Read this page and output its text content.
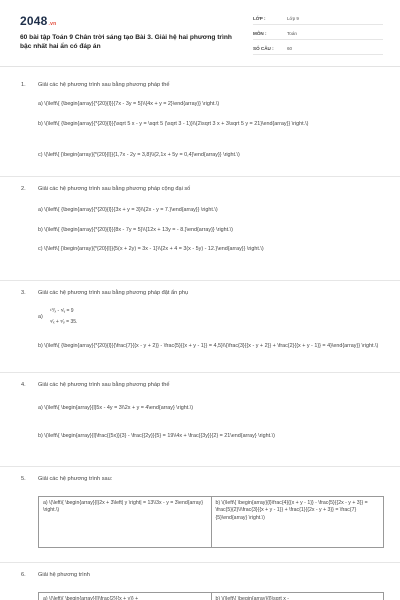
2048.vn
60 bài tập Toán 9 Chân trời sáng tạo Bài 3. Giải hệ hai phương trình bậc nhất hai ẩn có đáp án
LỚP :	Lớp 9
MÔN :	Toán
SỐ CÂU :	60
1. Giải các hệ phương trình sau bằng phương pháp thế
a) \(\left\{ {\begin{array}{*{20}{l}}{7x - 3y = 5}\\{4x + y = 2}\end{array}} \right.\)
b) \(\left\{ {\begin{array}{*{20}{l}}{\sqrt 5 x - y = \sqrt 5 (\sqrt 3 - 1)}\\{2\sqrt 3 x + 3\sqrt 5 y = 21}\end{array}} \right.\)
c) \(\left\{ {\begin{array}{*{20}{l}}{1,7x - 2y = 3,8}\\{2,1x + 5y = 0,4}\end{array}} \right.\)
2. Giải các hệ phương trình sau bằng phương pháp cộng đại số
a) \(\left\{ {\begin{array}{*{20}{l}}{3x + y = 3}\\{2x - y = 7.}\end{array}} \right.\)
b) \(\left\{ {\begin{array}{*{20}{l}}{8x - 7y = 5}\\{12x + 13y = - 8.}\end{array}} \right.\)
c) \(\left\{ {\begin{array}{*{20}{l}}{5(x + 2y) = 3x - 1}\\{2x + 4 = 3(x - 5y) - 12.}\end{array}} \right.\)
3. Giải các hệ phương trình sau bằng phương pháp đặt ẩn phụ
a)
¹⁰⁄ₓ - ⁵⁄ᵧ = 9
⁶⁄ₓ + ⁵⁄ᵧ = 35.
b) \(\left\{ {\begin{array}{*{20}{l}}{\frac{7}{{x - y + 2}} - \frac{5}{{x + y - 1}} = 4,5}\\{\frac{3}{{x - y + 2}} + \frac{2}{{x + y - 1}} = 4}\end{array}} \right.\)
4. Giải các hệ phương trình sau bằng phương pháp thế
a) \(\left\{ \begin{array}{l}5x - 4y = 3\\2x + y = 4\end{array} \right.\)
b) \(\left\{ \begin{array}{l}\frac{{5x}}{3} - \frac{{2y}}{5} = 19\\4x + \frac{{3y}}{2} = 21\end{array} \right.\)
5. Giải các hệ phương trình sau:
a) \(\left\{ \begin{array}{l}2x + 3\left| y \right| = 13\\3x - y = 3\end{array} \right.\)
b) \(\left\{ \begin{array}{l}\frac{4}{{x + y - 1}} - \frac{5}{{2x - y + 3}} = \frac{5}{2}\\\frac{3}{{x + y - 1}} + \frac{1}{{2x - y + 3}} = \frac{7}{5}\end{array} \right.\)
6. Giải hệ phương trình
a) \(\left\{ \begin{array}{l}\frac{2}{{x + y}} +	b) \(\left\{ \begin{array}{l}\sqrt x -
